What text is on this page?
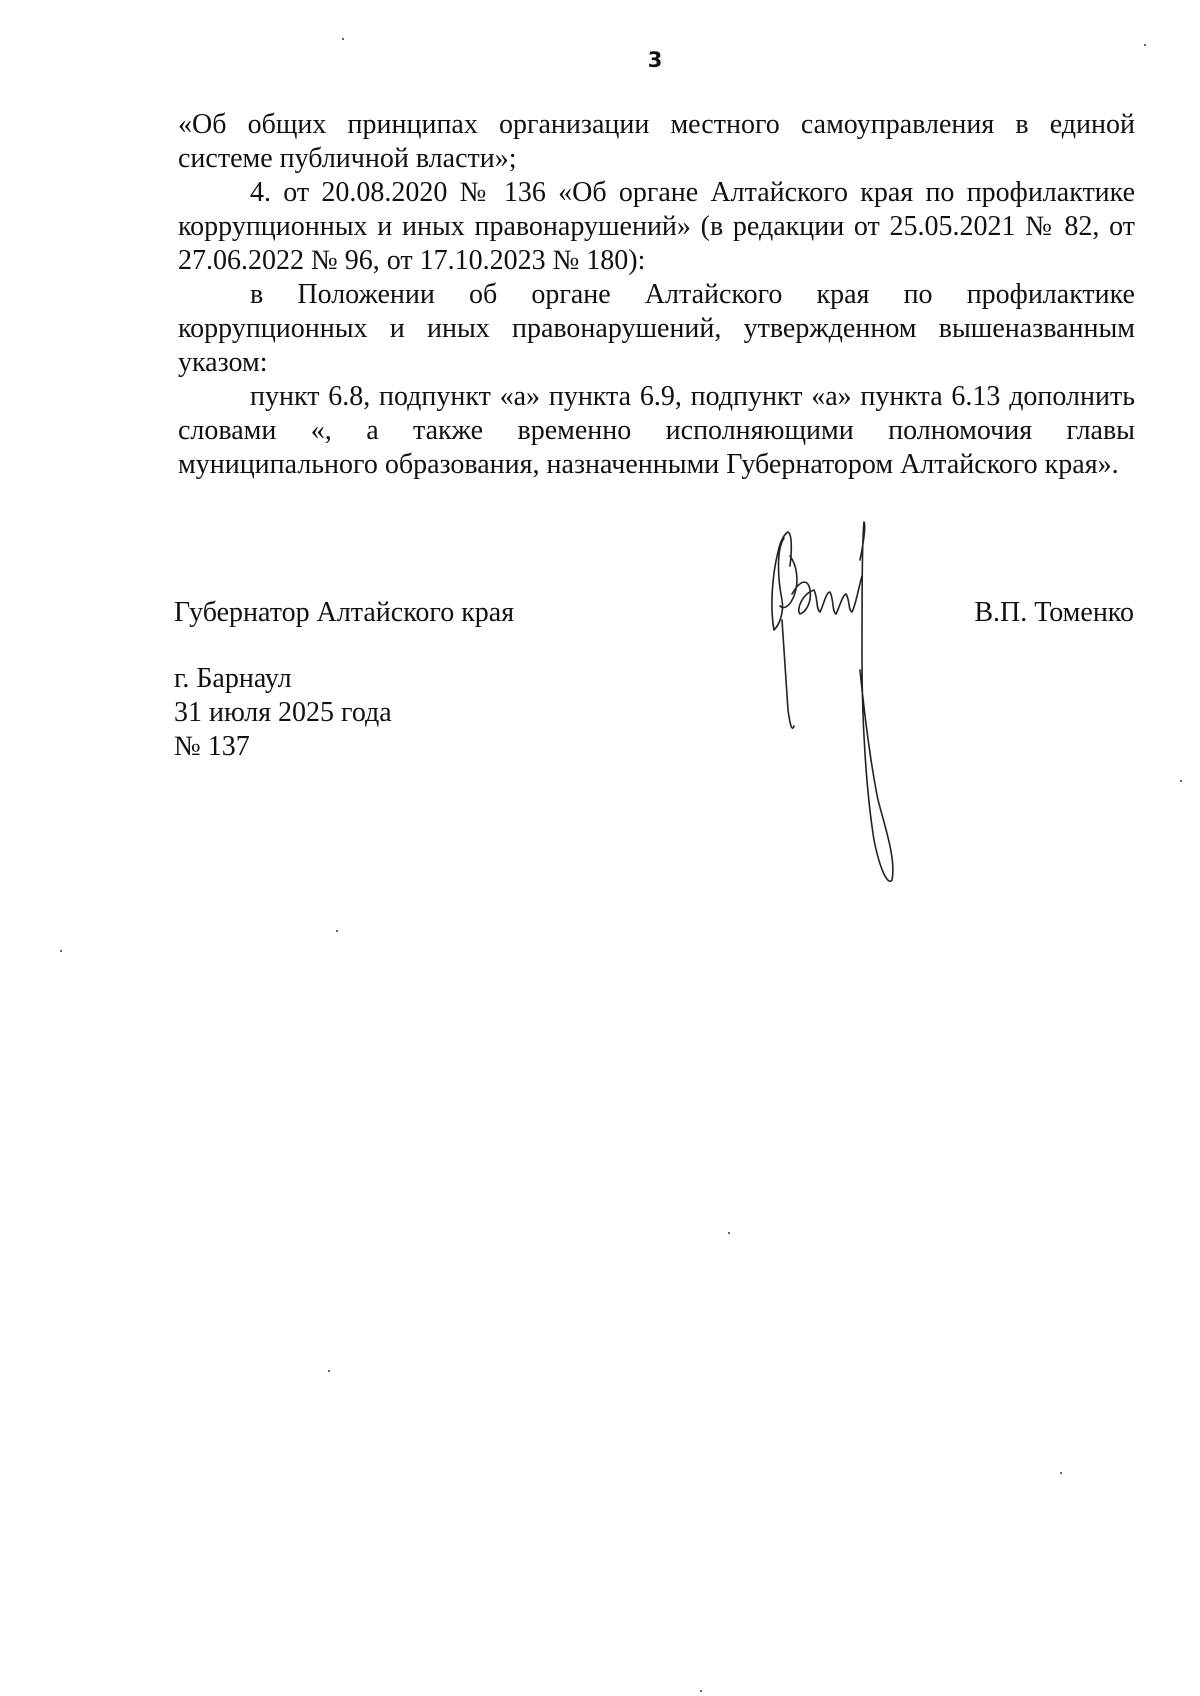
3

«Об общих принципах организации местного самоуправления в единой системе публичной власти»;

4. от 20.08.2020 № 136 «Об органе Алтайского края по профилактике коррупционных и иных правонарушений» (в редакции от 25.05.2021 № 82, от 27.06.2022 № 96, от 17.10.2023 № 180):

в Положении об органе Алтайского края по профилактике коррупционных и иных правонарушений, утвержденном вышеназванным указом:

пункт 6.8, подпункт «а» пункта 6.9, подпункт «а» пункта 6.13 дополнить словами «, а также временно исполняющими полномочия главы муниципального образования, назначенными Губернатором Алтайского края».

Губернатор Алтайского края	В.П. Томенко
г. Барнаул
31 июля 2025 года
№ 137
